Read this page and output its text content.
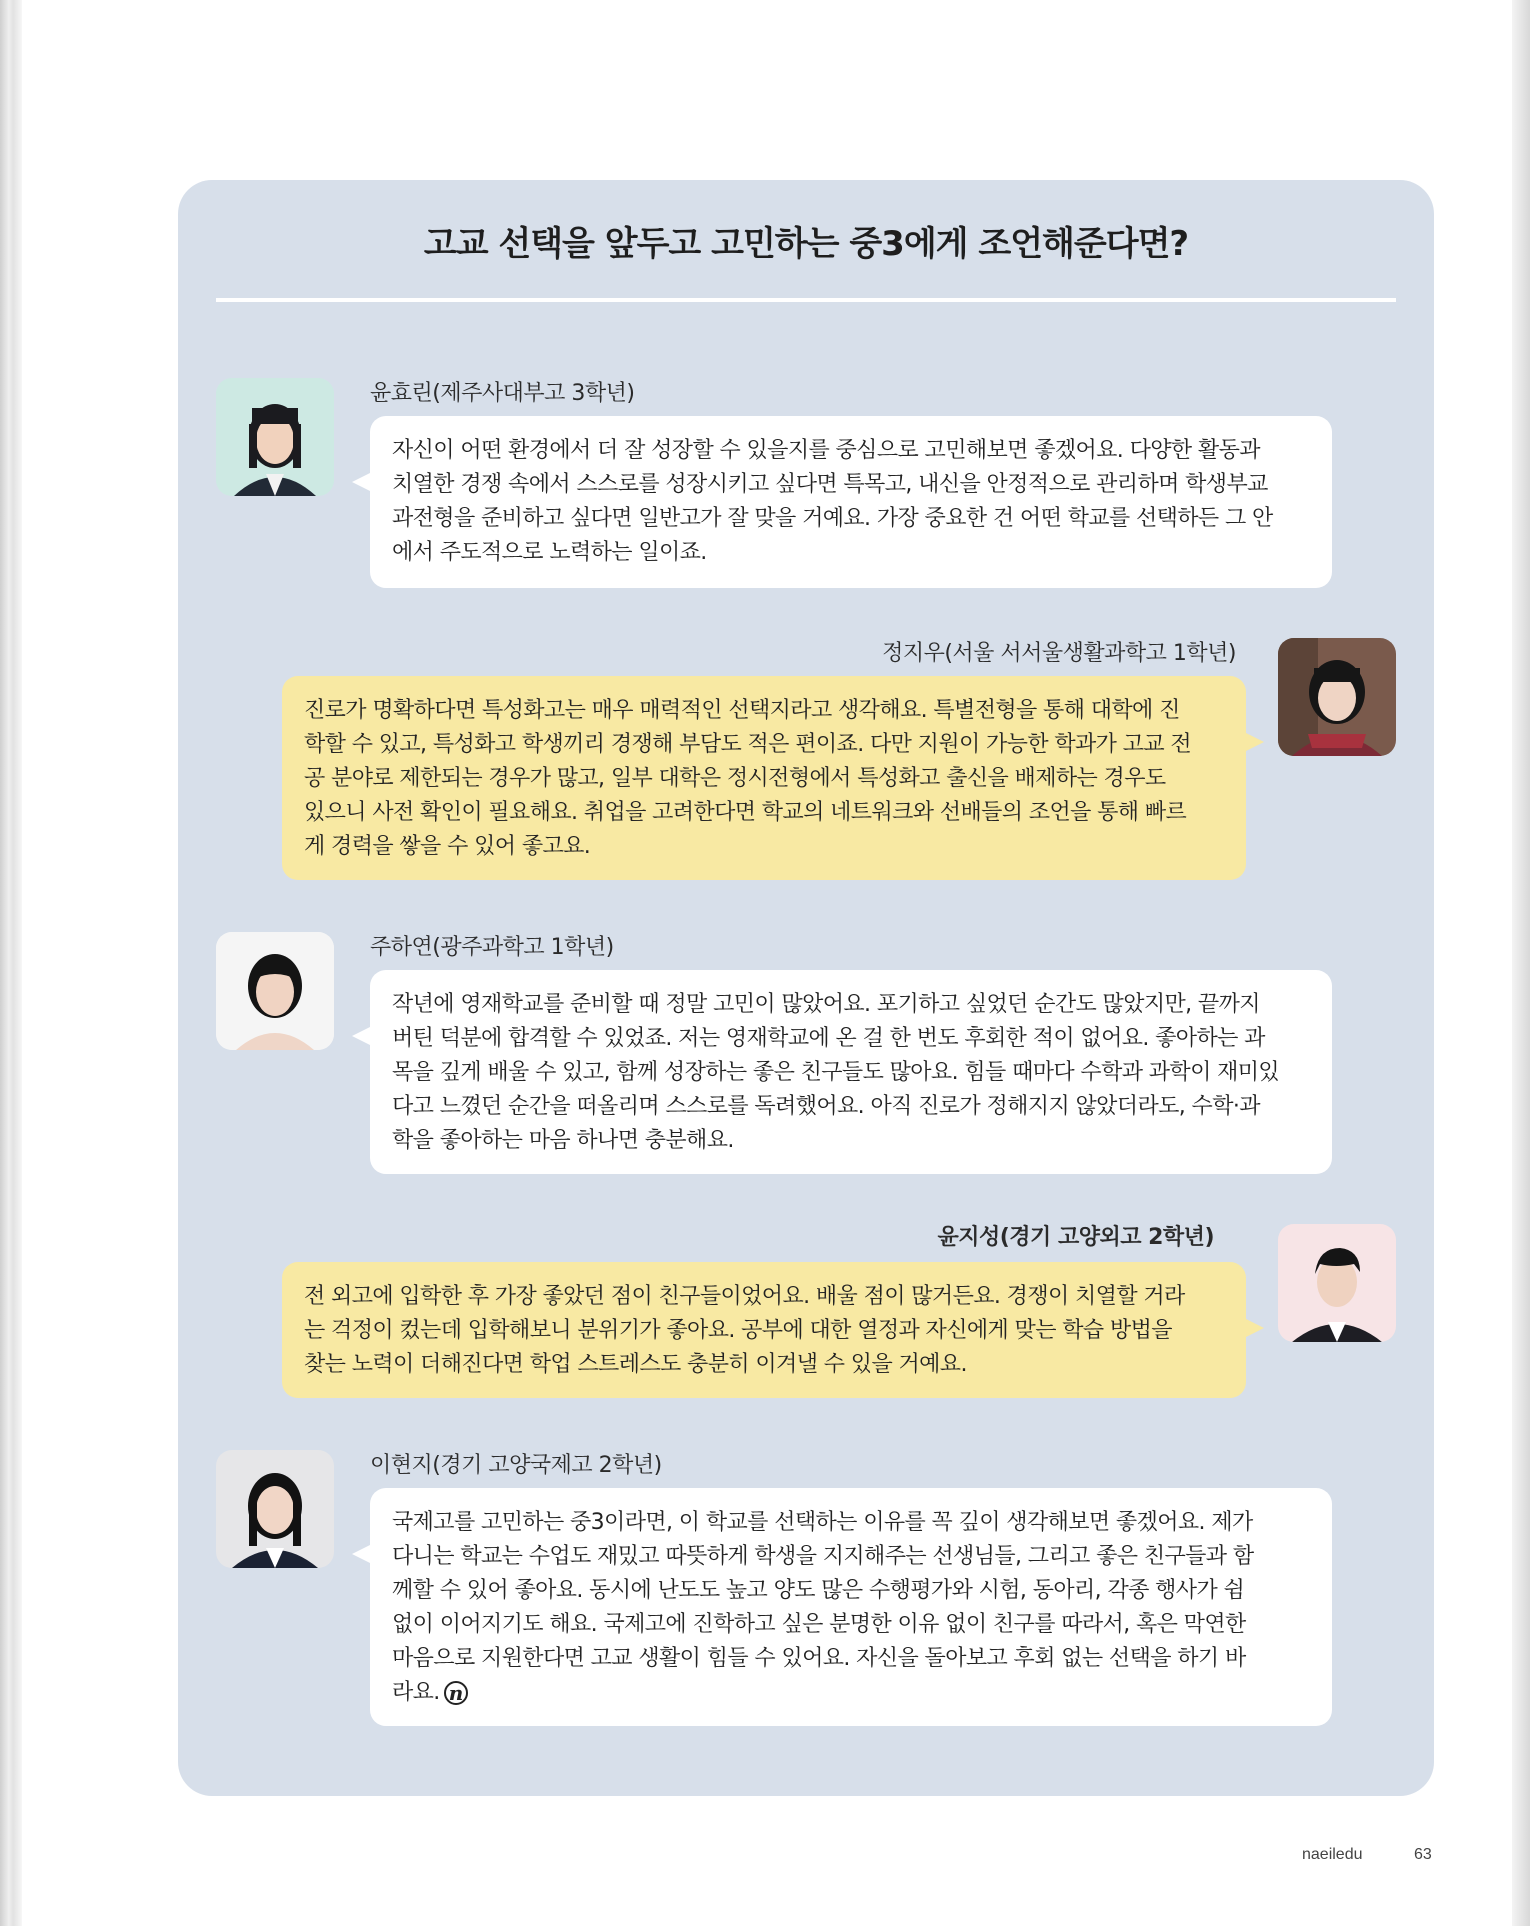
고교 선택을 앞두고 고민하는 중3에게 조언해준다면?
윤효린(제주사대부고 3학년)
자신이 어떤 환경에서 더 잘 성장할 수 있을지를 중심으로 고민해보면 좋겠어요. 다양한 활동과
치열한 경쟁 속에서 스스로를 성장시키고 싶다면 특목고, 내신을 안정적으로 관리하며 학생부교
과전형을 준비하고 싶다면 일반고가 잘 맞을 거예요. 가장 중요한 건 어떤 학교를 선택하든 그 안
에서 주도적으로 노력하는 일이죠.
정지우(서울 서서울생활과학고 1학년)
진로가 명확하다면 특성화고는 매우 매력적인 선택지라고 생각해요. 특별전형을 통해 대학에 진
학할 수 있고, 특성화고 학생끼리 경쟁해 부담도 적은 편이죠. 다만 지원이 가능한 학과가 고교 전
공 분야로 제한되는 경우가 많고, 일부 대학은 정시전형에서 특성화고 출신을 배제하는 경우도
있으니 사전 확인이 필요해요. 취업을 고려한다면 학교의 네트워크와 선배들의 조언을 통해 빠르
게 경력을 쌓을 수 있어 좋고요.
주하연(광주과학고 1학년)
작년에 영재학교를 준비할 때 정말 고민이 많았어요. 포기하고 싶었던 순간도 많았지만, 끝까지
버틴 덕분에 합격할 수 있었죠. 저는 영재학교에 온 걸 한 번도 후회한 적이 없어요. 좋아하는 과
목을 깊게 배울 수 있고, 함께 성장하는 좋은 친구들도 많아요. 힘들 때마다 수학과 과학이 재미있
다고 느꼈던 순간을 떠올리며 스스로를 독려했어요. 아직 진로가 정해지지 않았더라도, 수학·과
학을 좋아하는 마음 하나면 충분해요.
윤지성(경기 고양외고 2학년)
전 외고에 입학한 후 가장 좋았던 점이 친구들이었어요. 배울 점이 많거든요. 경쟁이 치열할 거라
는 걱정이 컸는데 입학해보니 분위기가 좋아요. 공부에 대한 열정과 자신에게 맞는 학습 방법을
찾는 노력이 더해진다면 학업 스트레스도 충분히 이겨낼 수 있을 거예요.
이현지(경기 고양국제고 2학년)
국제고를 고민하는 중3이라면, 이 학교를 선택하는 이유를 꼭 깊이 생각해보면 좋겠어요. 제가
다니는 학교는 수업도 재밌고 따뜻하게 학생을 지지해주는 선생님들, 그리고 좋은 친구들과 함
께할 수 있어 좋아요. 동시에 난도도 높고 양도 많은 수행평가와 시험, 동아리, 각종 행사가 쉼
없이 이어지기도 해요. 국제고에 진학하고 싶은 분명한 이유 없이 친구를 따라서, 혹은 막연한
마음으로 지원한다면 고교 생활이 힘들 수 있어요. 자신을 돌아보고 후회 없는 선택을 하기 바
라요. n
naeiledu	63
